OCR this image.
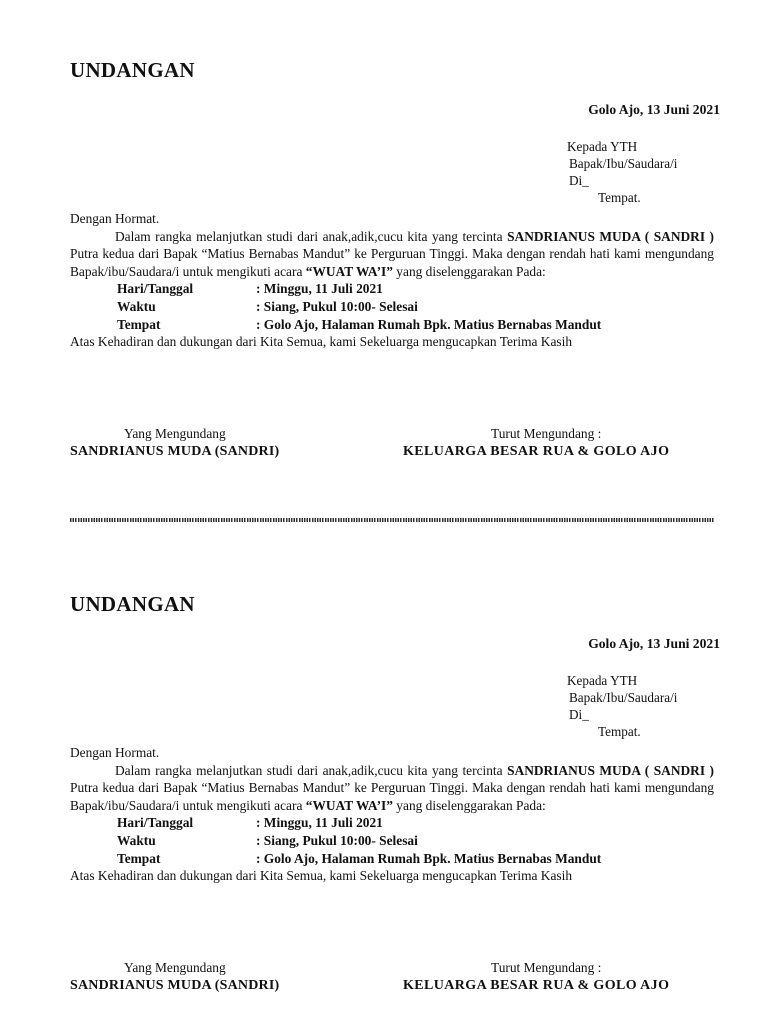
UNDANGAN
Golo Ajo, 13 Juni 2021
Kepada YTH
Bapak/Ibu/Saudara/i
Di_
Tempat.
Dengan Hormat.

Dalam rangka melanjutkan studi dari anak,adik,cucu kita yang tercinta SANDRIANUS MUDA ( SANDRI ) Putra kedua dari Bapak “Matius Bernabas Mandut” ke Perguruan Tinggi. Maka dengan rendah hati kami mengundang Bapak/ibu/Saudara/i untuk mengikuti acara “WUAT WA’I” yang diselenggarakan Pada:

Hari/Tanggal	: Minggu, 11 Juli 2021
Waktu	: Siang, Pukul 10:00- Selesai
Tempat	: Golo Ajo, Halaman Rumah Bpk. Matius Bernabas Mandut

Atas Kehadiran dan dukungan dari Kita Semua, kami Sekeluarga mengucapkan Terima Kasih

Yang Mengundang
SANDRIANUS MUDA (SANDRI)
Turut Mengundang :
KELUARGA BESAR RUA & GOLO AJO
UNDANGAN
Golo Ajo, 13 Juni 2021
Kepada YTH
Bapak/Ibu/Saudara/i
Di_
Tempat.
Dengan Hormat.

Dalam rangka melanjutkan studi dari anak,adik,cucu kita yang tercinta SANDRIANUS MUDA ( SANDRI ) Putra kedua dari Bapak “Matius Bernabas Mandut” ke Perguruan Tinggi. Maka dengan rendah hati kami mengundang Bapak/ibu/Saudara/i untuk mengikuti acara “WUAT WA’I” yang diselenggarakan Pada:

Hari/Tanggal	: Minggu, 11 Juli 2021
Waktu	: Siang, Pukul 10:00- Selesai
Tempat	: Golo Ajo, Halaman Rumah Bpk. Matius Bernabas Mandut

Atas Kehadiran dan dukungan dari Kita Semua, kami Sekeluarga mengucapkan Terima Kasih

Yang Mengundang
SANDRIANUS MUDA (SANDRI)
Turut Mengundang :
KELUARGA BESAR RUA & GOLO AJO
